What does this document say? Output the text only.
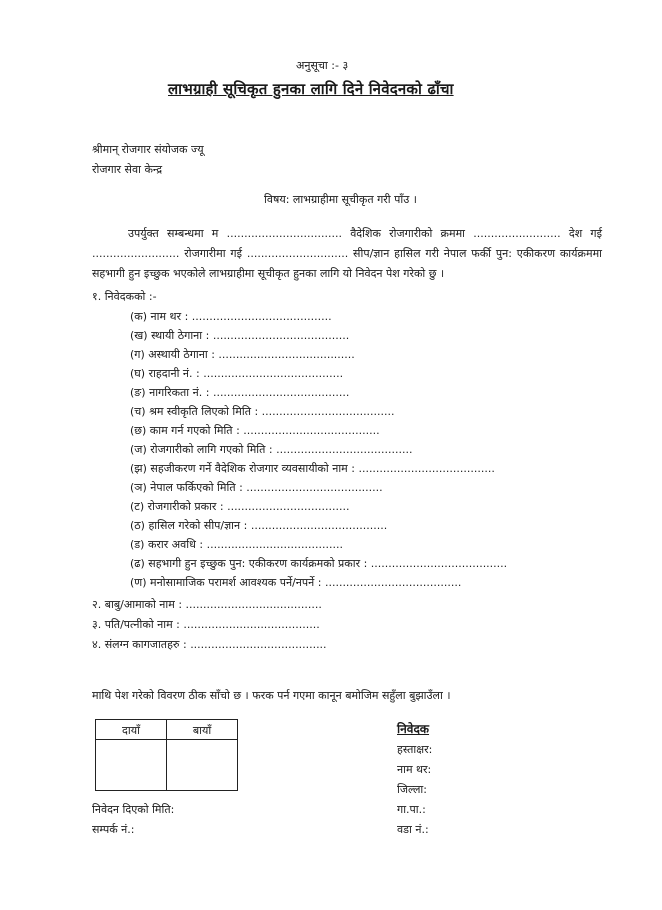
अनुसूचा :- ३
लाभग्राही सूचिकृत हुनका लागि दिने निवेदनको ढाँचा
श्रीमान् रोजगार संयोजक ज्यू
रोजगार सेवा केन्द्र
विषय: लाभग्राहीमा सूचीकृत गरी पाँउ ।
उपर्युक्त सम्बन्धमा म ................................. वैदेशिक रोजगारीको क्रममा ......................... देश गई ......................... रोजगारीमा गई ............................. सीप/ज्ञान हासिल गरी नेपाल फर्की पुन: एकीकरण कार्यक्रममा सहभागी हुन इच्छुक भएकोले लाभग्राहीमा सूचीकृत हुनका लागि यो निवेदन पेश गरेको छु ।
१. निवेदकको :-
(क) नाम थर : ........................................
(ख) स्थायी ठेगाना : .......................................
(ग) अस्थायी ठेगाना : .......................................
(घ) राहदानी नं. : ........................................
(ङ) नागरिकता नं. : .......................................
(च) श्रम स्वीकृति लिएको मिति : ......................................
(छ) काम गर्न गएको मिति : .......................................
(ज) रोजगारीको लागि गएको मिति : .......................................
(झ) सहजीकरण गर्ने वैदेशिक रोजगार व्यवसायीको नाम : .......................................
(ञ) नेपाल फर्किएको मिति : .......................................
(ट) रोजगारीको प्रकार : ...................................
(ठ) हासिल गरेको सीप/ज्ञान : .......................................
(ड) करार अवधि : .......................................
(ढ) सहभागी हुन इच्छुक पुन: एकीकरण कार्यक्रमको प्रकार : .......................................
(ण) मनोसामाजिक परामर्श आवश्यक पर्ने/नपर्ने : .......................................
२. बाबु/आमाको नाम : .......................................
३. पति/पत्नीको नाम : .......................................
४. संलग्न कागजातहरु : .......................................
माथि पेश गरेको विवरण ठीक साँचो छ । फरक पर्न गएमा कानून बमोजिम सहुँला बुझाउँला ।
दायाँ	बायाँ
		निवेदक
हस्ताक्षर:
नाम थर:
जिल्ला:
गा.पा.:
वडा नं.:
निवेदन दिएको मिति:
सम्पर्क नं.:
